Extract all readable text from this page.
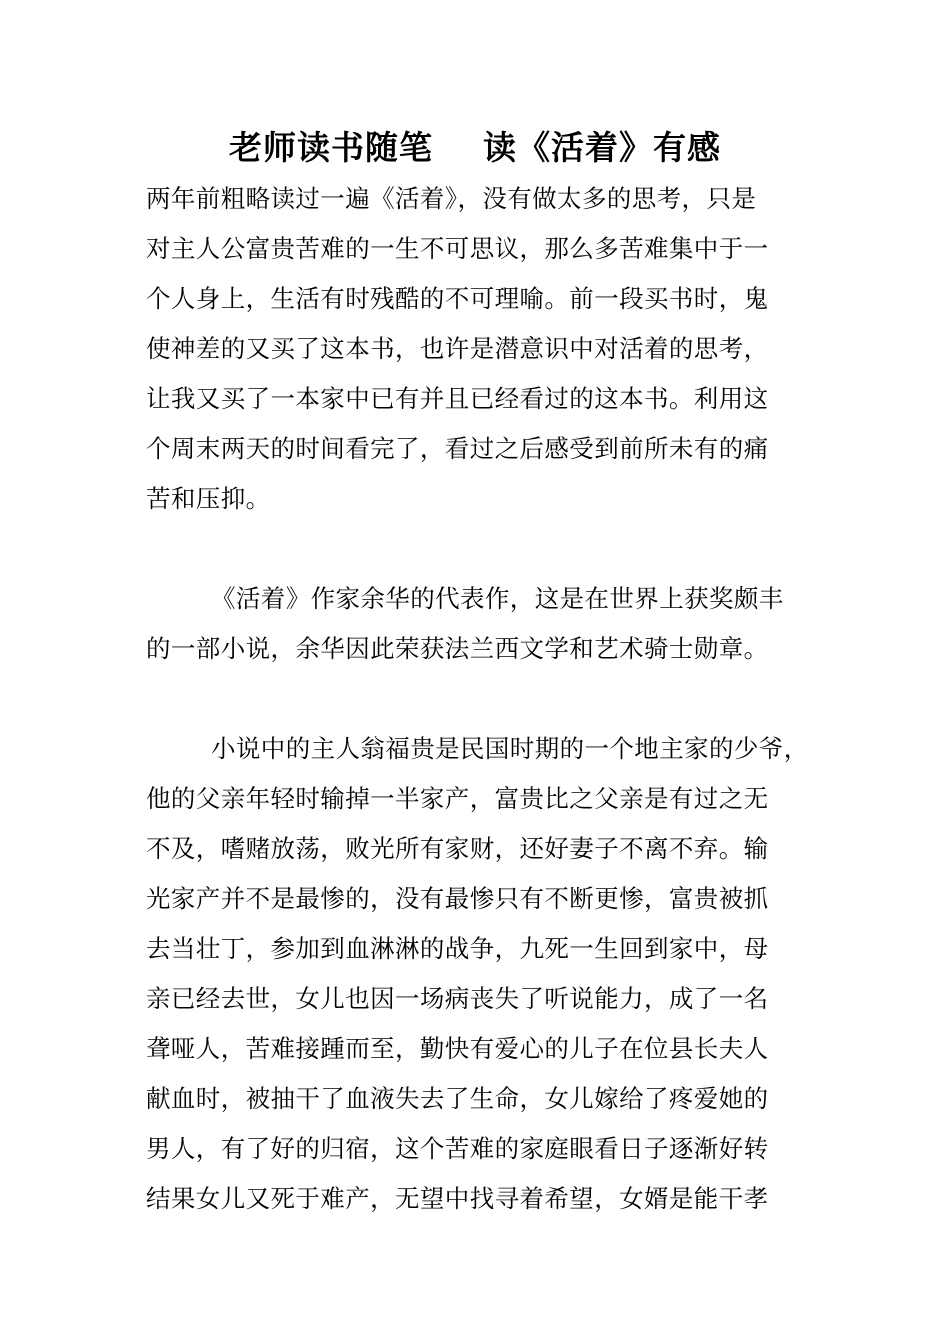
老师读书随笔    读《活着》有感
两年前粗略读过一遍《活着》，没有做太多的思考，只是
对主人公富贵苦难的一生不可思议，那么多苦难集中于一
个人身上，生活有时残酷的不可理喻。前一段买书时，鬼
使神差的又买了这本书，也许是潜意识中对活着的思考，
让我又买了一本家中已有并且已经看过的这本书。利用这
个周末两天的时间看完了，看过之后感受到前所未有的痛
苦和压抑。
《活着》作家余华的代表作，这是在世界上获奖颇丰
的一部小说，余华因此荣获法兰西文学和艺术骑士勋章。
小说中的主人翁福贵是民国时期的一个地主家的少爷，
他的父亲年轻时输掉一半家产，富贵比之父亲是有过之无
不及，嗜赌放荡，败光所有家财，还好妻子不离不弃。输
光家产并不是最惨的，没有最惨只有不断更惨，富贵被抓
去当壮丁，参加到血淋淋的战争，九死一生回到家中，母
亲已经去世，女儿也因一场病丧失了听说能力，成了一名
聋哑人，苦难接踵而至，勤快有爱心的儿子在位县长夫人
献血时，被抽干了血液失去了生命，女儿嫁给了疼爱她的
男人，有了好的归宿，这个苦难的家庭眼看日子逐渐好转
结果女儿又死于难产，无望中找寻着希望，女婿是能干孝
